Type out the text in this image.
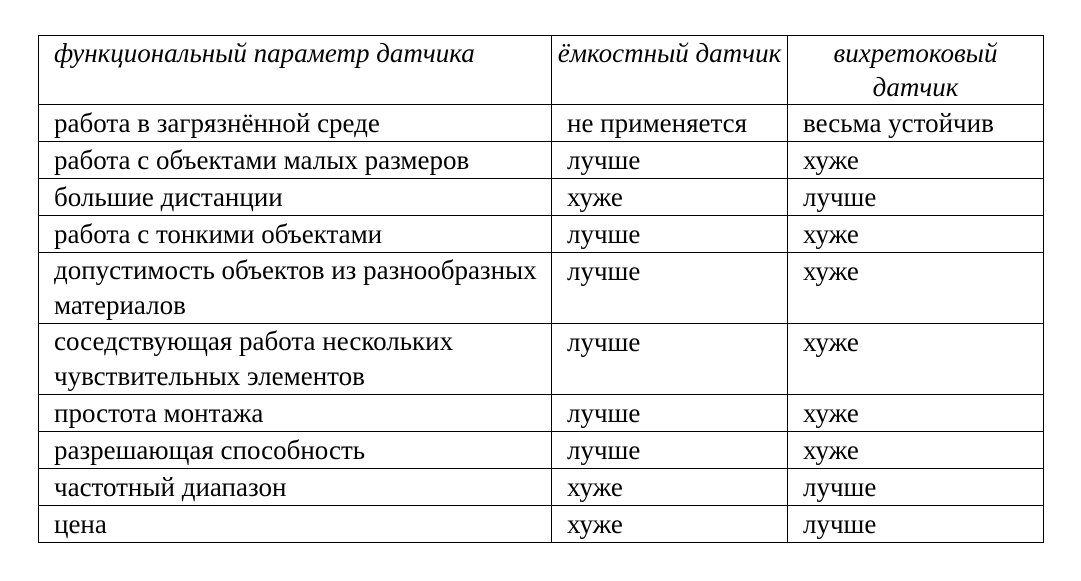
функциональный параметр датчика	ёмкостный датчик	вихретоковый датчик
работа в загрязнённой среде	не применяется	весьма устойчив
работа с объектами малых размеров	лучше	хуже
большие дистанции	хуже	лучше
работа с тонкими объектами	лучше	хуже
допустимость объектов из разнообразных материалов	лучше	хуже
соседствующая работа нескольких чувствительных элементов	лучше	хуже
простота монтажа	лучше	хуже
разрешающая способность	лучше	хуже
частотный диапазон	хуже	лучше
цена	хуже	лучше
